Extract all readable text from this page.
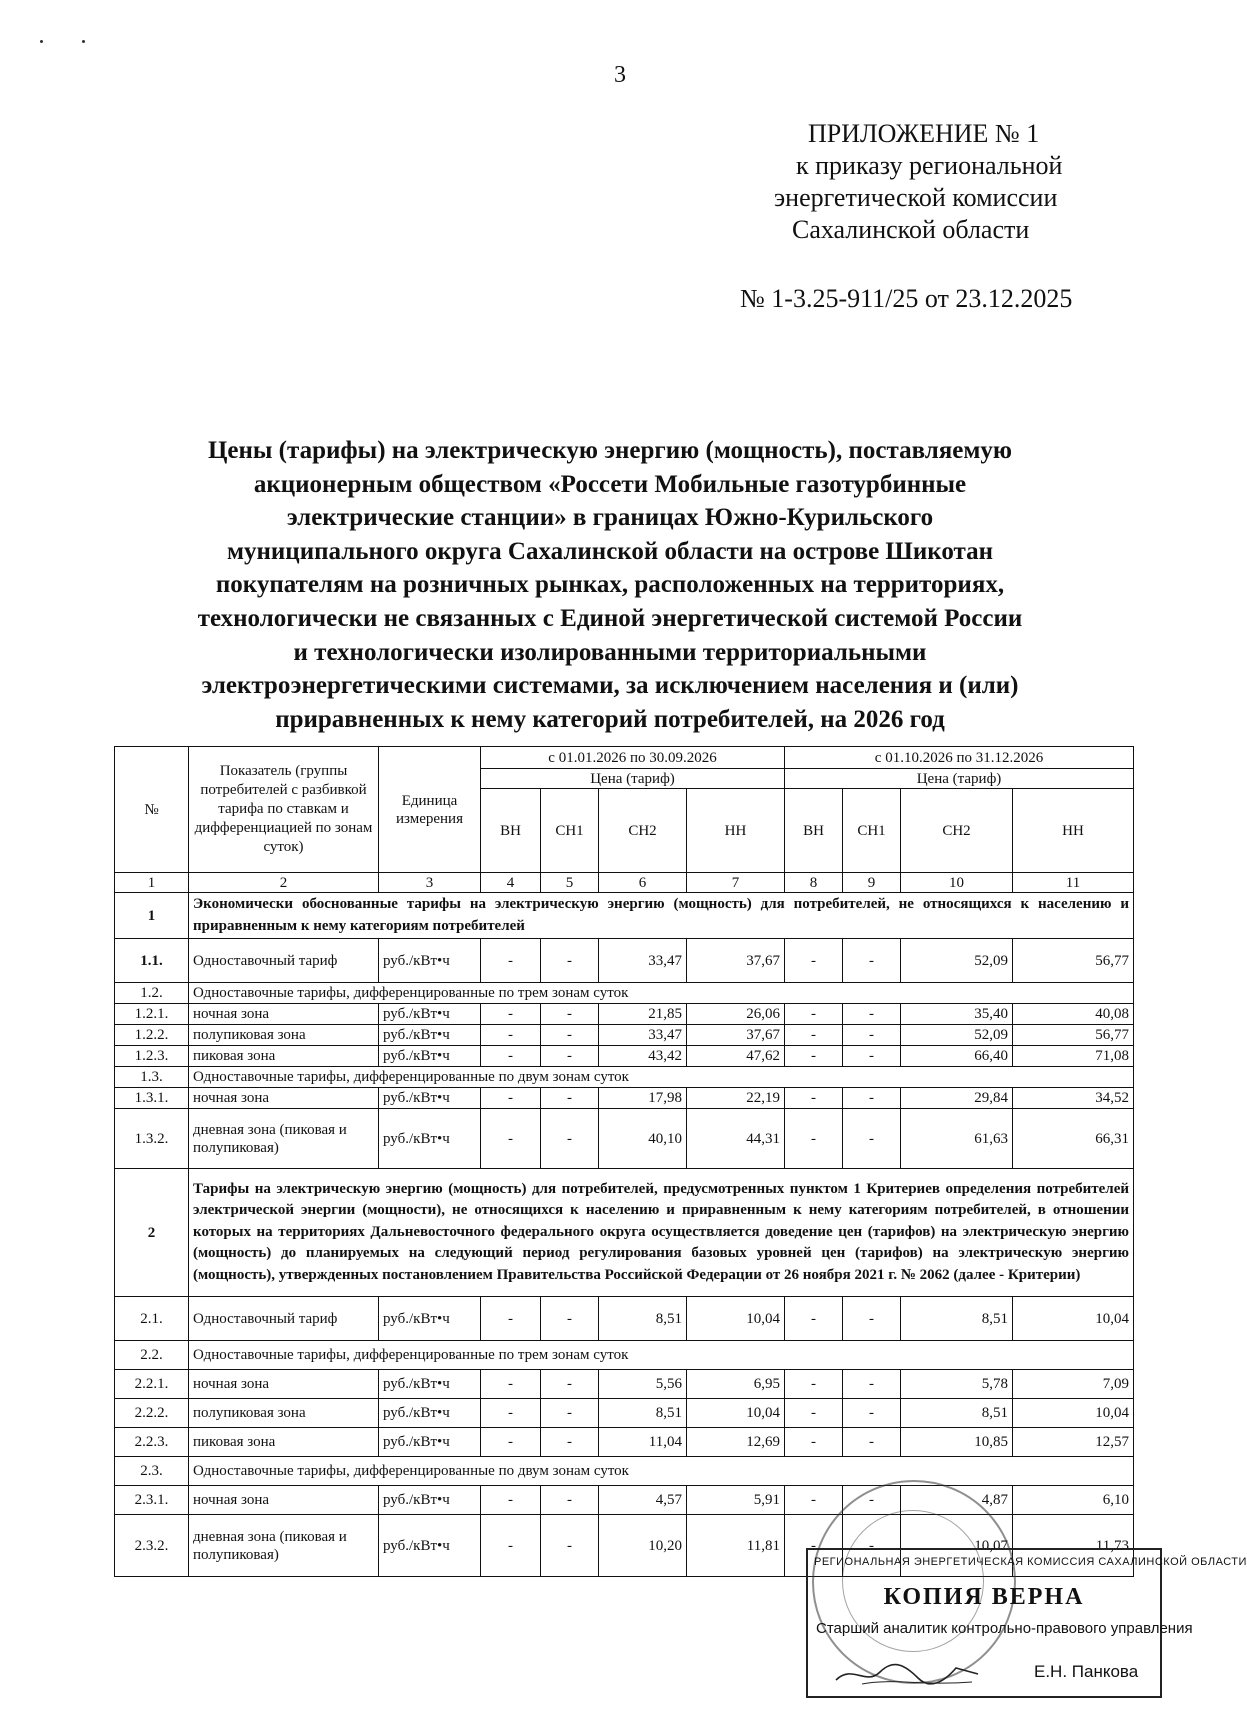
3
ПРИЛОЖЕНИЕ № 1
к приказу региональной
энергетической комиссии
Сахалинской области
№ 1-3.25-911/25 от 23.12.2025
Цены (тарифы) на электрическую энергию (мощность), поставляемую
акционерным обществом «Россети Мобильные газотурбинные
электрические станции» в границах Южно-Курильского
муниципального округа Сахалинской области на острове Шикотан
покупателям на розничных рынках, расположенных на территориях,
технологически не связанных с Единой энергетической системой России
и технологически изолированными территориальными
электроэнергетическими системами, за исключением населения и (или)
приравненных к нему категорий потребителей, на 2026 год
№	Показатель (группы потребителей с разбивкой тарифа по ставкам и дифференциацией по зонам суток)	Единица измерения	с 01.01.2026 по 30.09.2026				с 01.10.2026 по 31.12.2026			
			Цена (тариф)				Цена (тариф)			
			ВН	СН1	СН2	НН	ВН	СН1	СН2	НН
1	2	3	4	5	6	7	8	9	10	11
1	Экономически обоснованные тарифы на электрическую энергию (мощность) для потребителей, не относящихся к населению и приравненным к нему категориям потребителей									
1.1.	Одноставочный тариф	руб./кВт•ч	-	-	33,47	37,67	-	-	52,09	56,77
1.2.	Одноставочные тарифы, дифференцированные по трем зонам суток									
1.2.1.	ночная зона	руб./кВт•ч	-	-	21,85	26,06	-	-	35,40	40,08
1.2.2.	полупиковая зона	руб./кВт•ч	-	-	33,47	37,67	-	-	52,09	56,77
1.2.3.	пиковая зона	руб./кВт•ч	-	-	43,42	47,62	-	-	66,40	71,08
1.3.	Одноставочные тарифы, дифференцированные по двум зонам суток									
1.3.1.	ночная зона	руб./кВт•ч	-	-	17,98	22,19	-	-	29,84	34,52
1.3.2.	дневная зона (пиковая и полупиковая)	руб./кВт•ч	-	-	40,10	44,31	-	-	61,63	66,31
2	Тарифы на электрическую энергию (мощность) для потребителей, предусмотренных пунктом 1 Критериев определения потребителей электрической энергии (мощности), не относящихся к населению и приравненным к нему категориям потребителей, в отношении которых на территориях Дальневосточного федерального округа осуществляется доведение цен (тарифов) на электрическую энергию (мощность) до планируемых на следующий период регулирования базовых уровней цен (тарифов) на электрическую энергию (мощность), утвержденных постановлением Правительства Российской Федерации от 26 ноября 2021 г. № 2062 (далее - Критерии)									
2.1.	Одноставочный тариф	руб./кВт•ч	-	-	8,51	10,04	-	-	8,51	10,04
2.2.	Одноставочные тарифы, дифференцированные по трем зонам суток									
2.2.1.	ночная зона	руб./кВт•ч	-	-	5,56	6,95	-	-	5,78	7,09
2.2.2.	полупиковая зона	руб./кВт•ч	-	-	8,51	10,04	-	-	8,51	10,04
2.2.3.	пиковая зона	руб./кВт•ч	-	-	11,04	12,69	-	-	10,85	12,57
2.3.	Одноставочные тарифы, дифференцированные по двум зонам суток									
2.3.1.	ночная зона	руб./кВт•ч	-	-	4,57	5,91	-	-	4,87	6,10
2.3.2.	дневная зона (пиковая и полупиковая)	руб./кВт•ч	-	-	10,20	11,81	-	-	10,07	11,73
РЕГИОНАЛЬНАЯ ЭНЕРГЕТИЧЕСКАЯ КОМИССИЯ САХАЛИНСКОЙ ОБЛАСТИ
КОПИЯ ВЕРНА
Старший аналитик контрольно-правового управления
Е.Н. Панкова
